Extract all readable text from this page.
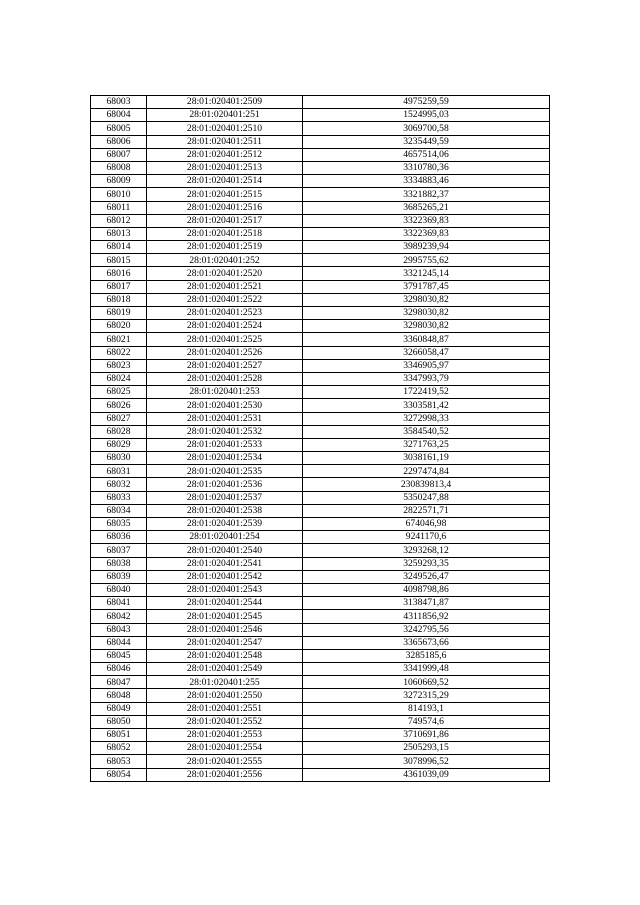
68003	28:01:020401:2509	4975259,59
68004	28:01:020401:251	1524995,03
68005	28:01:020401:2510	3069700,58
68006	28:01:020401:2511	3235449,59
68007	28:01:020401:2512	4657514,06
68008	28:01:020401:2513	3310780,36
68009	28:01:020401:2514	3334883,46
68010	28:01:020401:2515	3321882,37
68011	28:01:020401:2516	3685265,21
68012	28:01:020401:2517	3322369,83
68013	28:01:020401:2518	3322369,83
68014	28:01:020401:2519	3989239,94
68015	28:01:020401:252	2995755,62
68016	28:01:020401:2520	3321245,14
68017	28:01:020401:2521	3791787,45
68018	28:01:020401:2522	3298030,82
68019	28:01:020401:2523	3298030,82
68020	28:01:020401:2524	3298030,82
68021	28:01:020401:2525	3360848,87
68022	28:01:020401:2526	3266058,47
68023	28:01:020401:2527	3346905,97
68024	28:01:020401:2528	3347993,79
68025	28:01:020401:253	1722419,52
68026	28:01:020401:2530	3303581,42
68027	28:01:020401:2531	3272998,33
68028	28:01:020401:2532	3584540,52
68029	28:01:020401:2533	3271763,25
68030	28:01:020401:2534	3038161,19
68031	28:01:020401:2535	2297474,84
68032	28:01:020401:2536	230839813,4
68033	28:01:020401:2537	5350247,88
68034	28:01:020401:2538	2822571,71
68035	28:01:020401:2539	674046,98
68036	28:01:020401:254	9241170,6
68037	28:01:020401:2540	3293268,12
68038	28:01:020401:2541	3259293,35
68039	28:01:020401:2542	3249526,47
68040	28:01:020401:2543	4098798,86
68041	28:01:020401:2544	3138471,87
68042	28:01:020401:2545	4311856,92
68043	28:01:020401:2546	3242795,56
68044	28:01:020401:2547	3365673,66
68045	28:01:020401:2548	3285185,6
68046	28:01:020401:2549	3341999,48
68047	28:01:020401:255	1060669,52
68048	28:01:020401:2550	3272315,29
68049	28:01:020401:2551	814193,1
68050	28:01:020401:2552	749574,6
68051	28:01:020401:2553	3710691,86
68052	28:01:020401:2554	2505293,15
68053	28:01:020401:2555	3078996,52
68054	28:01:020401:2556	4361039,09
